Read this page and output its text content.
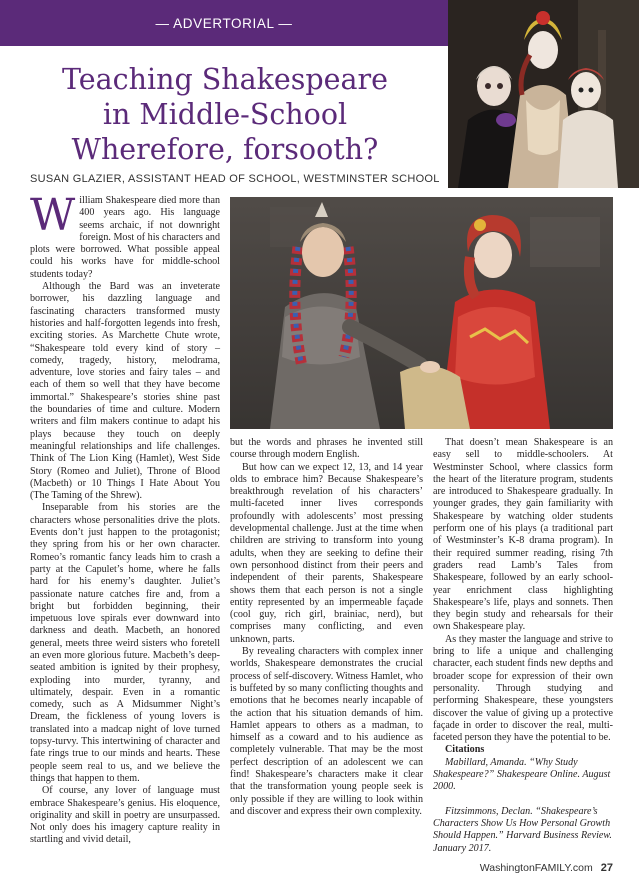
— ADVERTORIAL —
Teaching Shakespeare
in Middle-School
Wherefore, forsooth?
SUSAN GLAZIER, ASSISTANT HEAD OF SCHOOL, WESTMINSTER SCHOOL

William Shakespeare died more than 400 years ago. His language seems archaic, if not downright foreign. Most of his characters and plots were borrowed. What possible appeal could his works have for middle-school students today?

Although the Bard was an inveterate borrower, his dazzling language and fascinating characters transformed musty histories and half-forgotten legends into fresh, exciting stories. As Marchette Chute wrote, “Shakespeare told every kind of story – comedy, tragedy, history, melodrama, adventure, love stories and fairy tales – and each of them so well that they have become immortal.” Shakespeare’s stories shine past the boundaries of time and culture. Modern writers and film makers continue to adapt his plays because they touch on deeply meaningful relationships and life challenges. Think of The Lion King (Hamlet), West Side Story (Romeo and Juliet), Throne of Blood (Macbeth) or 10 Things I Hate About You (The Taming of the Shrew).

Inseparable from his stories are the characters whose personalities drive the plots. Events don’t just happen to the protagonist; they spring from his or her own character. Romeo’s romantic fancy leads him to crash a party at the Capulet’s home, where he falls hard for his enemy’s daughter. Juliet’s passionate nature catches fire and, from a bright but forbidden beginning, their impetuous love spirals ever downward into darkness and death. Macbeth, an honored general, meets three weird sisters who foretell an even more glorious future. Macbeth’s deep-seated ambition is ignited by their prophesy, exploding into murder, tyranny, and ultimately, despair. Even in a romantic comedy, such as A Midsummer Night’s Dream, the fickleness of young lovers is translated into a madcap night of love turned topsy-turvy. This intertwining of character and fate rings true to our minds and hearts. These people seem real to us, and we believe the things that happen to them.

Of course, any lover of language must embrace Shakespeare’s genius. His eloquence, originality and skill in poetry are unsurpassed. Not only does his imagery capture reality in startling and vivid detail,

but the words and phrases he invented still course through modern English.

But how can we expect 12, 13, and 14 year olds to embrace him? Because Shakespeare’s breakthrough revelation of his characters’ multi-faceted inner lives corresponds profoundly with adolescents’ most pressing developmental challenge. Just at the time when children are striving to transform into young adults, when they are seeking to define their own personhood distinct from their peers and independent of their parents, Shakespeare shows them that each person is not a single entity represented by an impermeable façade (cool guy, rich girl, brainiac, nerd), but comprises many conflicting, and even unknown, parts.

By revealing characters with complex inner worlds, Shakespeare demonstrates the crucial process of self-discovery. Witness Hamlet, who is buffeted by so many conflicting thoughts and emotions that he becomes nearly incapable of the action that his situation demands of him. Hamlet appears to others as a madman, to himself as a coward and to his audience as completely vulnerable. That may be the most perfect description of an adolescent we can find! Shakespeare’s characters make it clear that the transformation young people seek is only possible if they are willing to look within and discover and express their own complexity.

That doesn’t mean Shakespeare is an easy sell to middle-schoolers. At Westminster School, where classics form the heart of the literature program, students are introduced to Shakespeare gradually. In younger grades, they gain familiarity with Shakespeare by watching older students perform one of his plays (a traditional part of Westminster’s K-8 drama program). In their required summer reading, rising 7th graders read Lamb’s Tales from Shakespeare, followed by an early school-year enrichment class highlighting Shakespeare’s life, plays and sonnets. Then they begin study and rehearsals for their own Shakespeare play.

As they master the language and strive to bring to life a unique and challenging character, each student finds new depths and broader scope for expression of their own personality. Through studying and performing Shakespeare, these youngsters discover the value of giving up a protective façade in order to discover the real, multi-faceted person they have the potential to be.

Citations

Mabillard, Amanda. “Why Study Shakespeare?” Shakespeare Online. August 2000.

Fitzsimmons, Declan. “Shakespeare’s Characters Show Us How Personal Growth Should Happen.” Harvard Business Review. January 2017.

WashingtonFAMILY.com 27
